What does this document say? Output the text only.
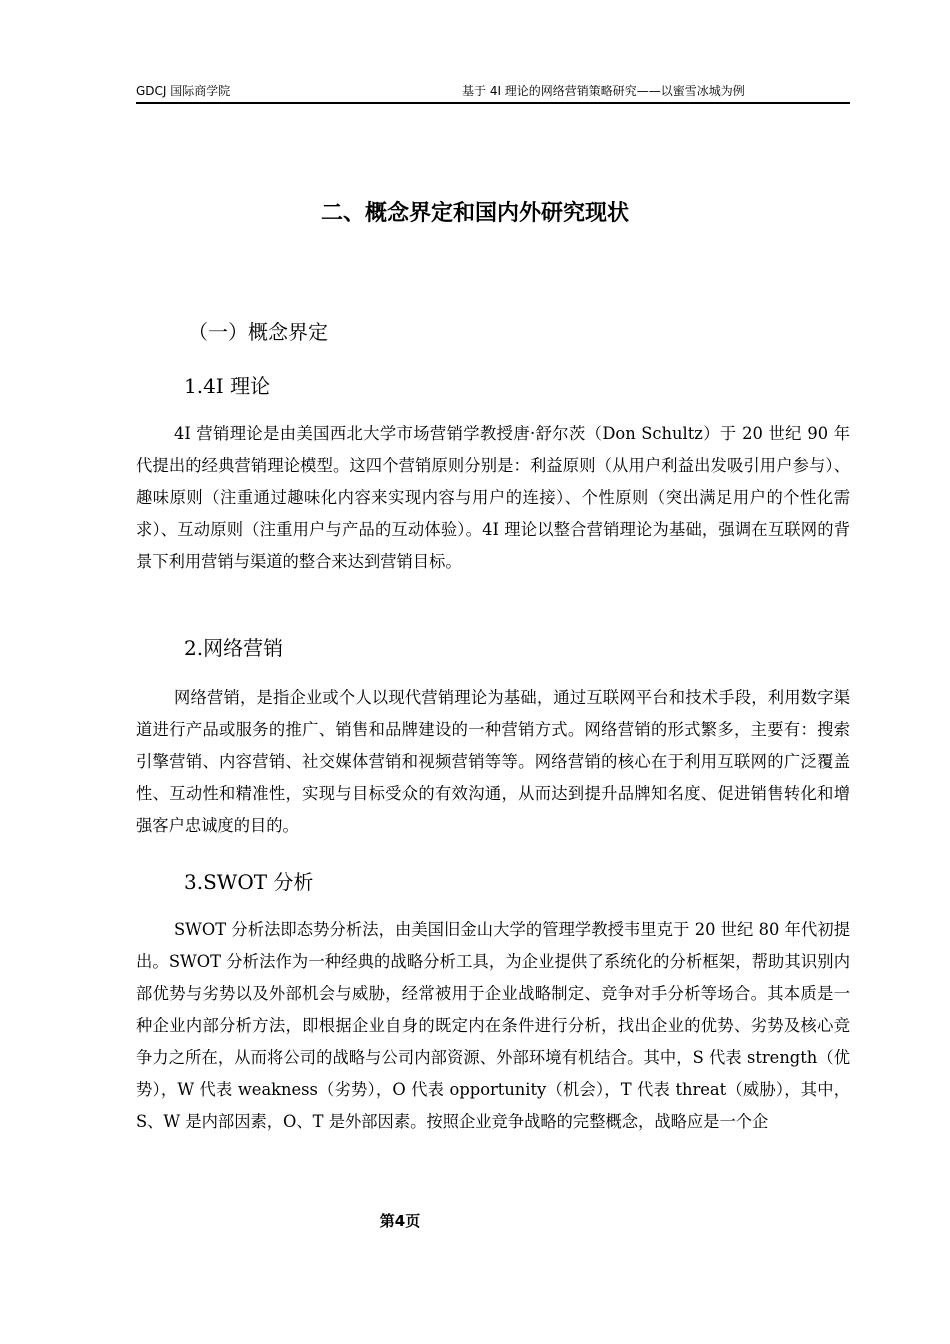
GDCJ 国际商学院	基于 4I 理论的网络营销策略研究——以蜜雪冰城为例
二、概念界定和国内外研究现状
（一）概念界定
1.4I 理论

4I 营销理论是由美国西北大学市场营销学教授唐·舒尔茨（Don Schultz）于 20 世纪 90 年代提出的经典营销理论模型。这四个营销原则分别是：利益原则（从用户利益出发吸引用户参与）、趣味原则（注重通过趣味化内容来实现内容与用户的连接）、个性原则（突出满足用户的个性化需求）、互动原则（注重用户与产品的互动体验）。4I 理论以整合营销理论为基础，强调在互联网的背景下利用营销与渠道的整合来达到营销目标。

2.网络营销

网络营销，是指企业或个人以现代营销理论为基础，通过互联网平台和技术手段，利用数字渠道进行产品或服务的推广、销售和品牌建设的一种营销方式。网络营销的形式繁多，主要有：搜索引擎营销、内容营销、社交媒体营销和视频营销等等。网络营销的核心在于利用互联网的广泛覆盖性、互动性和精准性，实现与目标受众的有效沟通，从而达到提升品牌知名度、促进销售转化和增强客户忠诚度的目的。

3.SWOT 分析

SWOT 分析法即态势分析法，由美国旧金山大学的管理学教授韦里克于 20 世纪 80 年代初提出。SWOT 分析法作为一种经典的战略分析工具，为企业提供了系统化的分析框架，帮助其识别内部优势与劣势以及外部机会与威胁，经常被用于企业战略制定、竞争对手分析等场合。其本质是一种企业内部分析方法，即根据企业自身的既定内在条件进行分析，找出企业的优势、劣势及核心竞争力之所在，从而将公司的战略与公司内部资源、外部环境有机结合。其中，S 代表 strength（优势），W 代表 weakness（劣势），O 代表 opportunity（机会），T 代表 threat（威胁），其中，S、W 是内部因素，O、T 是外部因素。按照企业竞争战略的完整概念，战略应是一个企

第4页
